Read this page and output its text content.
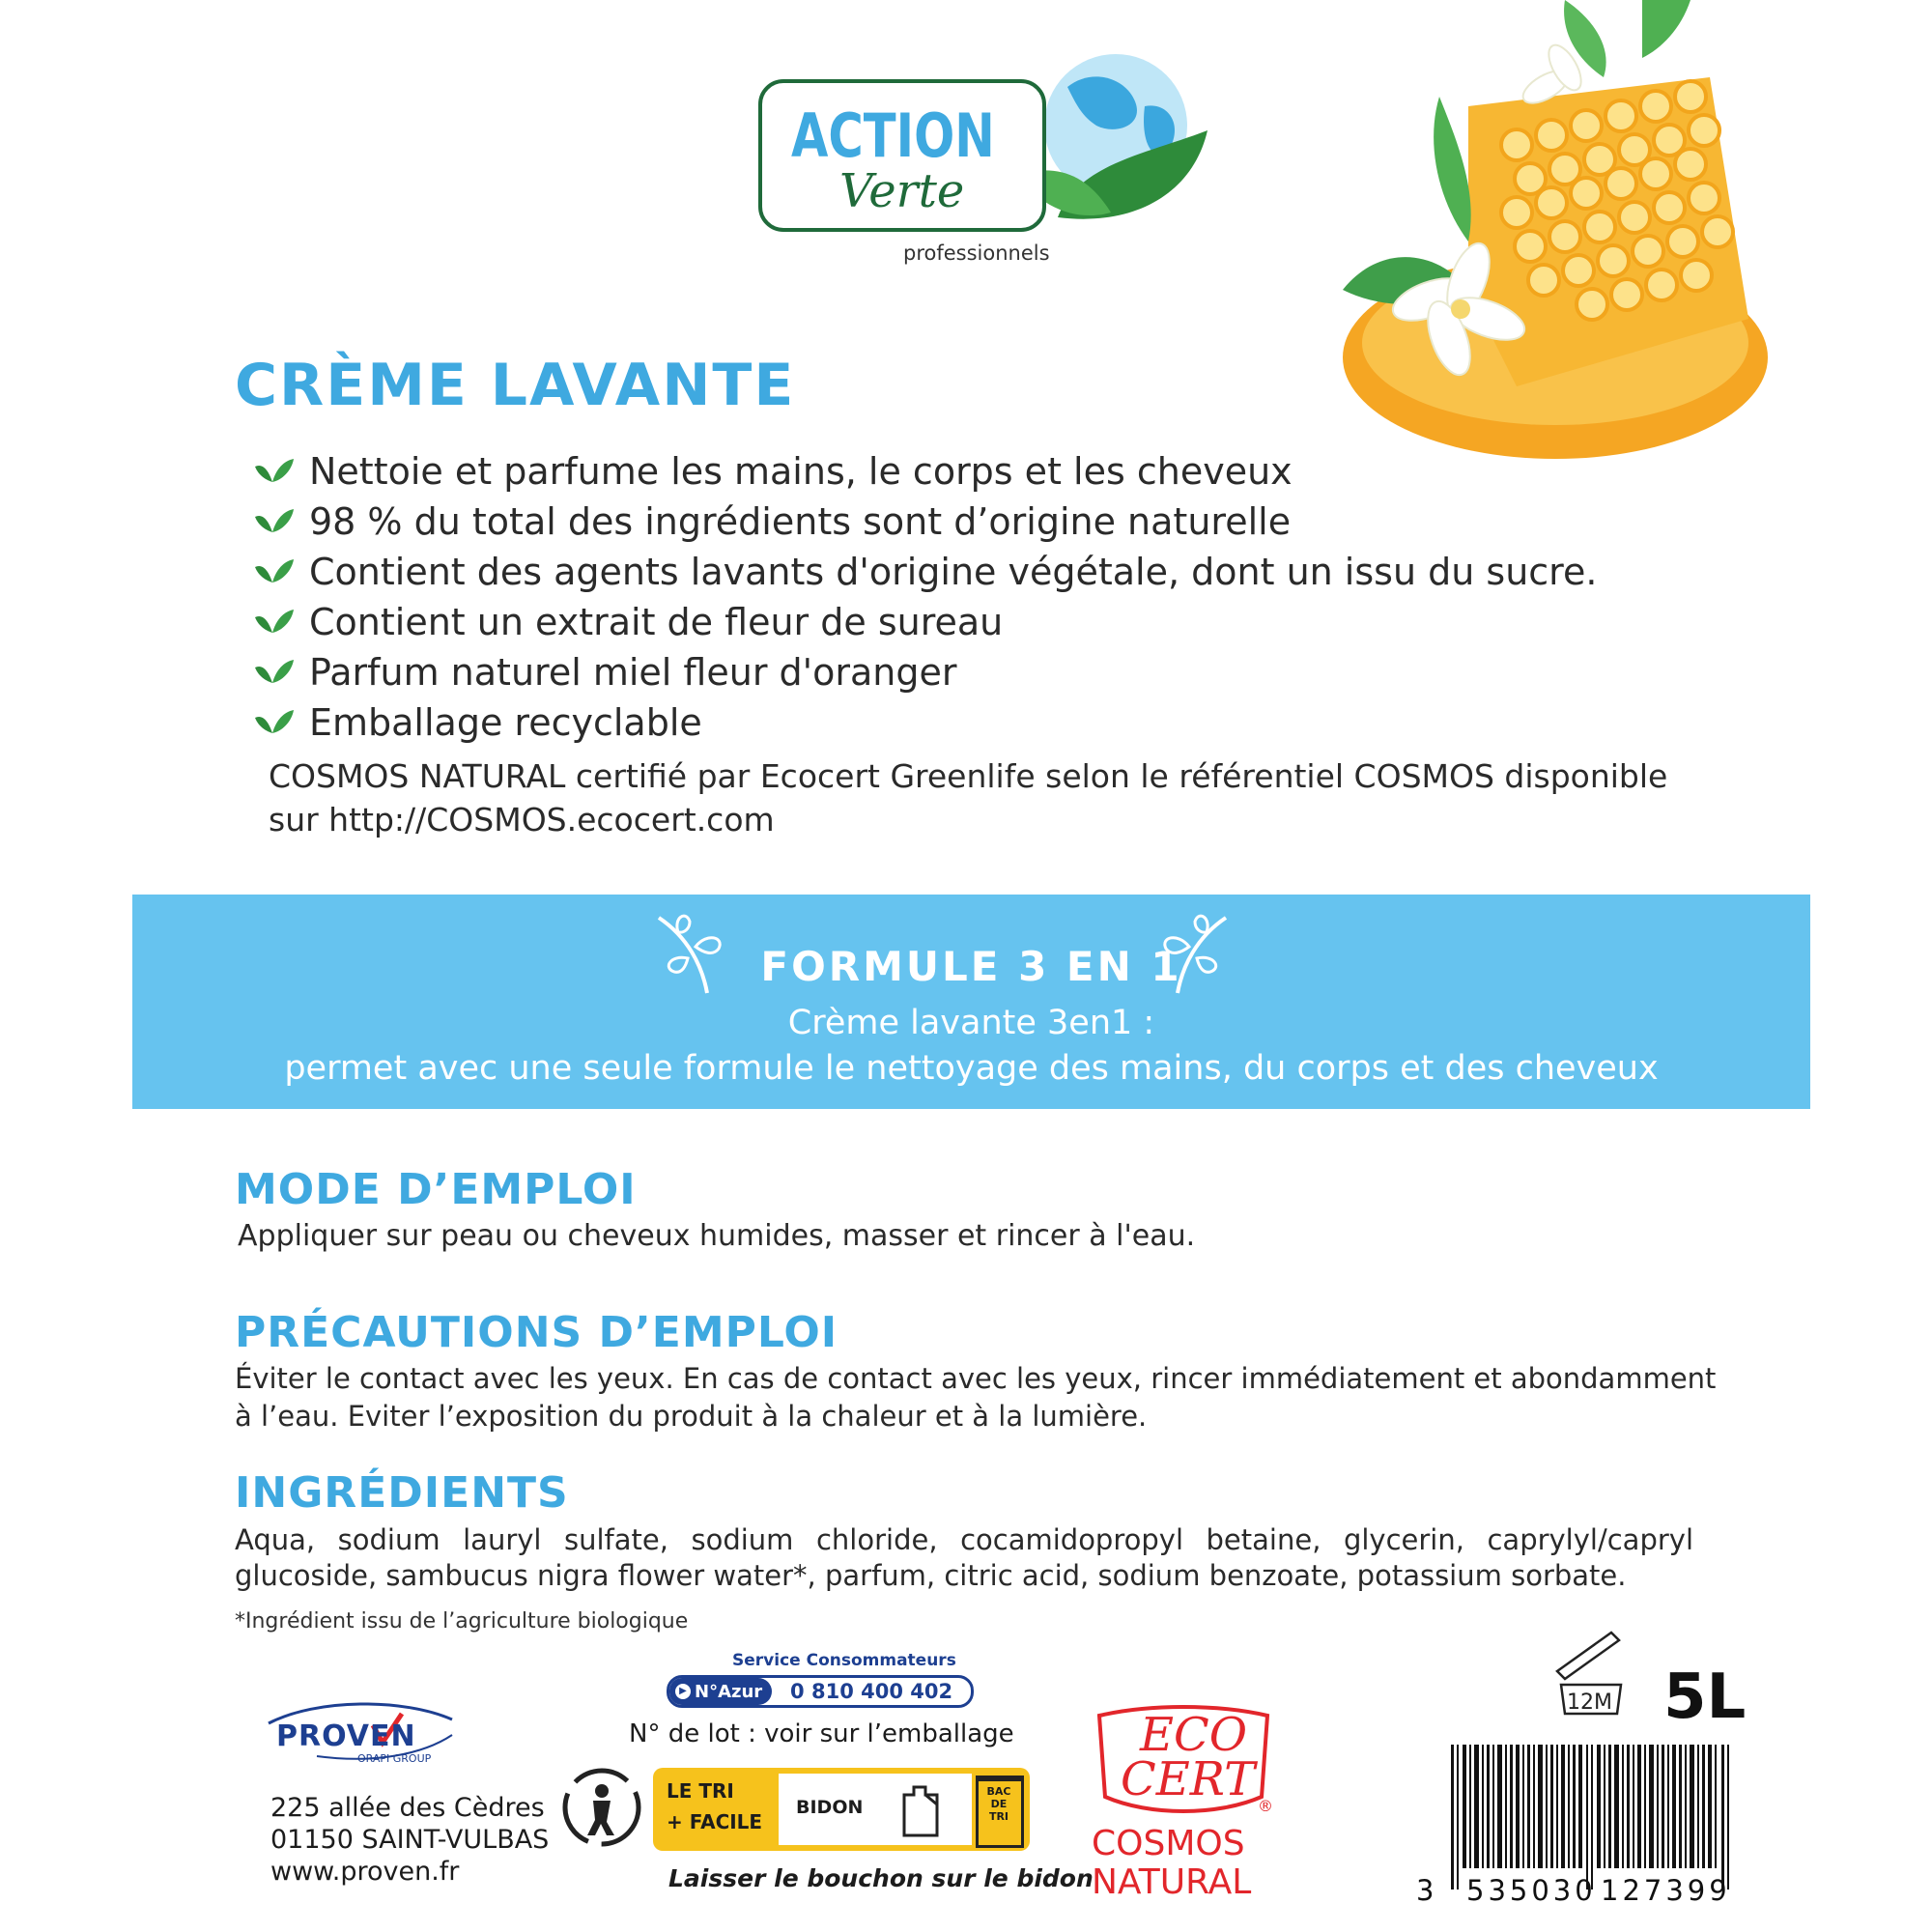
ACTION
Verte
professionnels
CRÈME LAVANTE
Nettoie et parfume les mains, le corps et les cheveux
98 % du total des ingrédients sont d’origine naturelle
Contient des agents lavants d'origine végétale, dont un issu du sucre.
Contient un extrait de fleur de sureau
Parfum naturel miel fleur d'oranger
Emballage recyclable
COSMOS NATURAL certifié par Ecocert Greenlife selon le référentiel COSMOS disponible
sur http://COSMOS.ecocert.com
FORMULE 3 EN 1
Crème lavante 3en1 :
permet avec une seule formule le nettoyage des mains, du corps et des cheveux
MODE D’EMPLOI
Appliquer sur peau ou cheveux humides, masser et rincer à l'eau.
PRÉCAUTIONS D’EMPLOI
Éviter le contact avec les yeux. En cas de contact avec les yeux, rincer immédiatement et abondamment
à l’eau. Eviter l’exposition du produit à la chaleur et à la lumière.
INGRÉDIENTS
Aqua, sodium lauryl sulfate, sodium chloride, cocamidopropyl betaine, glycerin, caprylyl/capryl
glucoside, sambucus nigra flower water*, parfum, citric acid, sodium benzoate, potassium sorbate.
*Ingrédient issu de l’agriculture biologique
PROVEN
ORAPI GROUP
225 allée des Cèdres
01150 SAINT-VULBAS
www.proven.fr
Service Consommateurs
▶ N°Azur	0 810 400 402
N° de lot : voir sur l’emballage
LE TRI
+ FACILE
BIDON
BAC DE TRI
Laisser le bouchon sur le bidon
ECO
CERT ®
COSMOS
NATURAL
12M 5L
3 535030 127399
